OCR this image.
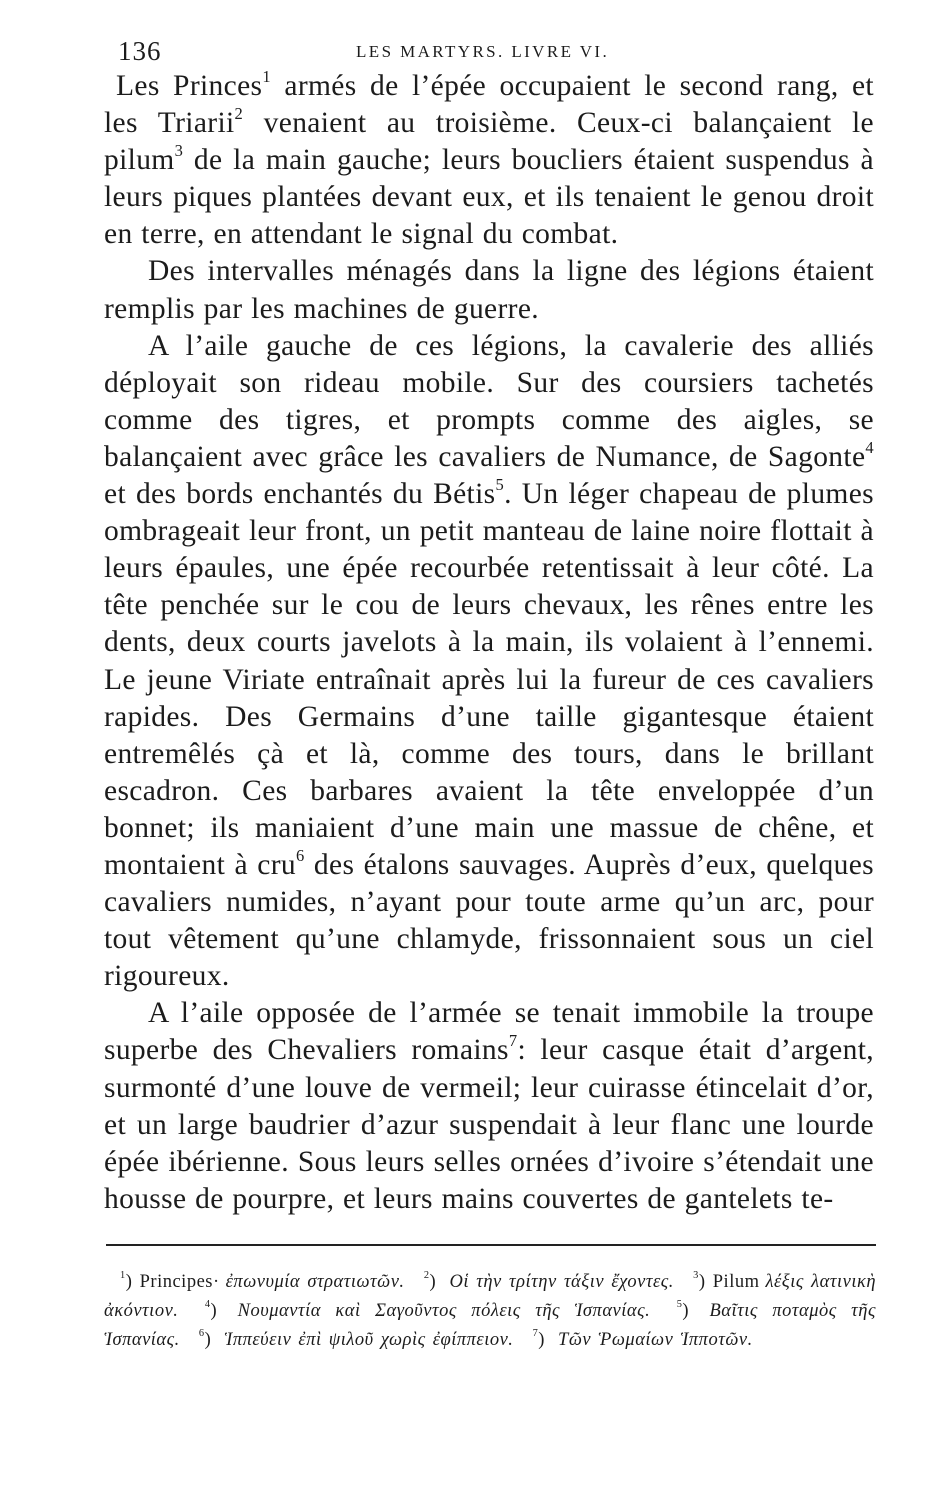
136	LES MARTYRS. LIVRE VI.

Les Princes$^1$ armés de l’épée occupaient le second rang, et les Triarii$^2$ venaient au troisième. Ceux-ci balançaient le pilum$^3$ de la main gauche; leurs boucliers étaient suspendus à leurs piques plantées devant eux, et ils tenaient le genou droit en terre, en attendant le signal du combat.

Des intervalles ménagés dans la ligne des légions étaient remplis par les machines de guerre.

A l’aile gauche de ces légions, la cavalerie des alliés déployait son rideau mobile. Sur des coursiers tachetés comme des tigres, et prompts comme des aigles, se balançaient avec grâce les cavaliers de Numance, de Sagonte$^4$ et des bords enchantés du Bétis$^5$. Un léger chapeau de plumes ombrageait leur front, un petit manteau de laine noire flottait à leurs épaules, une épée recourbée retentissait à leur côté. La tête penchée sur le cou de leurs chevaux, les rênes entre les dents, deux courts javelots à la main, ils volaient à l’ennemi. Le jeune Viriate entraînait après lui la fureur de ces cavaliers rapides. Des Germains d’une taille gigantesque étaient entremêlés çà et là, comme des tours, dans le brillant escadron. Ces barbares avaient la tête enveloppée d’un bonnet; ils maniaient d’une main une massue de chêne, et montaient à cru$^6$ des étalons sauvages. Auprès d’eux, quelques cavaliers numides, n’ayant pour toute arme qu’un arc, pour tout vêtement qu’une chlamyde, frissonnaient sous un ciel rigoureux.

A l’aile opposée de l’armée se tenait immobile la troupe superbe des Chevaliers romains$^7$: leur casque était d’argent, surmonté d’une louve de vermeil; leur cuirasse étincelait d’or, et un large baudrier d’azur suspendait à leur flanc une lourde épée ibérienne. Sous leurs selles ornées d’ivoire s’étendait une housse de pourpre, et leurs mains couvertes de gantelets te-

$^1$) Principes· ἐπωνυμία στρατιωτῶν. $^2$) Οἱ τὴν τρίτην τάξιν ἔχοντες. $^3$) Pilum λέξις λατινικὴ ἀκόντιον.	$^4$) Νουμαντία καὶ Σαγοῦντος πόλεις τῆς Ἱσπανίας.	$^5$) Βαῖτις ποταμὸς τῆς Ἱσπανίας. $^6$) Ἱππεύειν ἐπὶ ψιλοῦ χωρὶς ἐφίππειον. $^7$) Τῶν Ῥωμαίων Ἱπποτῶν.
